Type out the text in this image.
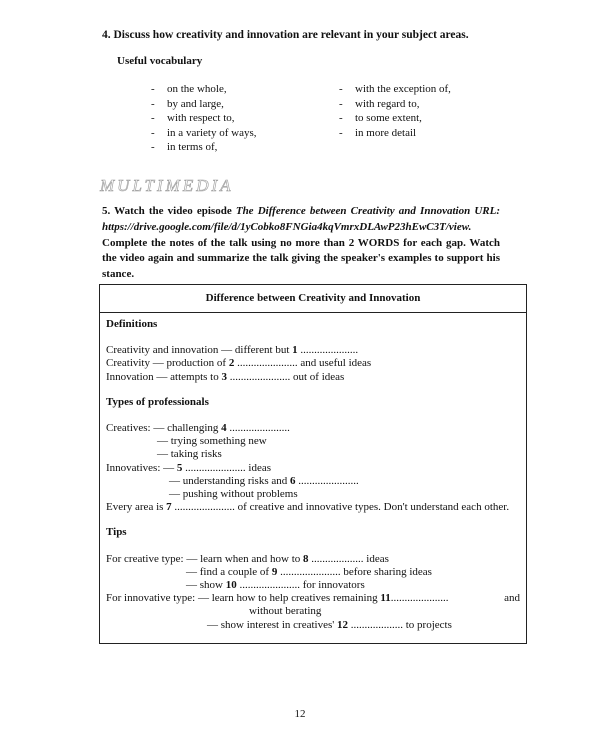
4. Discuss how creativity and innovation are relevant in your subject areas.
Useful vocabulary
- on the whole,
- by and large,
- with respect to,
- in a variety of ways,
- in terms of,
- with the exception of,
- with regard to,
- to some extent,
- in more detail
MULTIMEDIA
5. Watch the video episode The Difference between Creativity and Innovation URL: https://drive.google.com/file/d/1yCobko8FNGia4kqVmrxDLAwP23hEwC3T/view. Complete the notes of the talk using no more than 2 WORDS for each gap. Watch the video again and summarize the talk giving the speaker's examples to support his stance.
Difference between Creativity and Innovation
Definitions
Creativity and innovation — different but 1 .....................
Creativity — production of 2 ...................... and useful ideas
Innovation — attempts to 3 ...................... out of ideas
Types of professionals
Creatives: — challenging 4 ......................
— trying something new
— taking risks
Innovatives: — 5 ...................... ideas
— understanding risks and 6 ......................
— pushing without problems
Every area is 7 ...................... of creative and innovative types. Don't understand each other.
Tips
For creative type: — learn when and how to 8 ................... ideas
— find a couple of 9 ...................... before sharing ideas
— show 10 ...................... for innovators
For innovative type: — learn how to help creatives remaining 11.....................	and
without berating
— show interest in creatives' 12 ................... to projects
12
